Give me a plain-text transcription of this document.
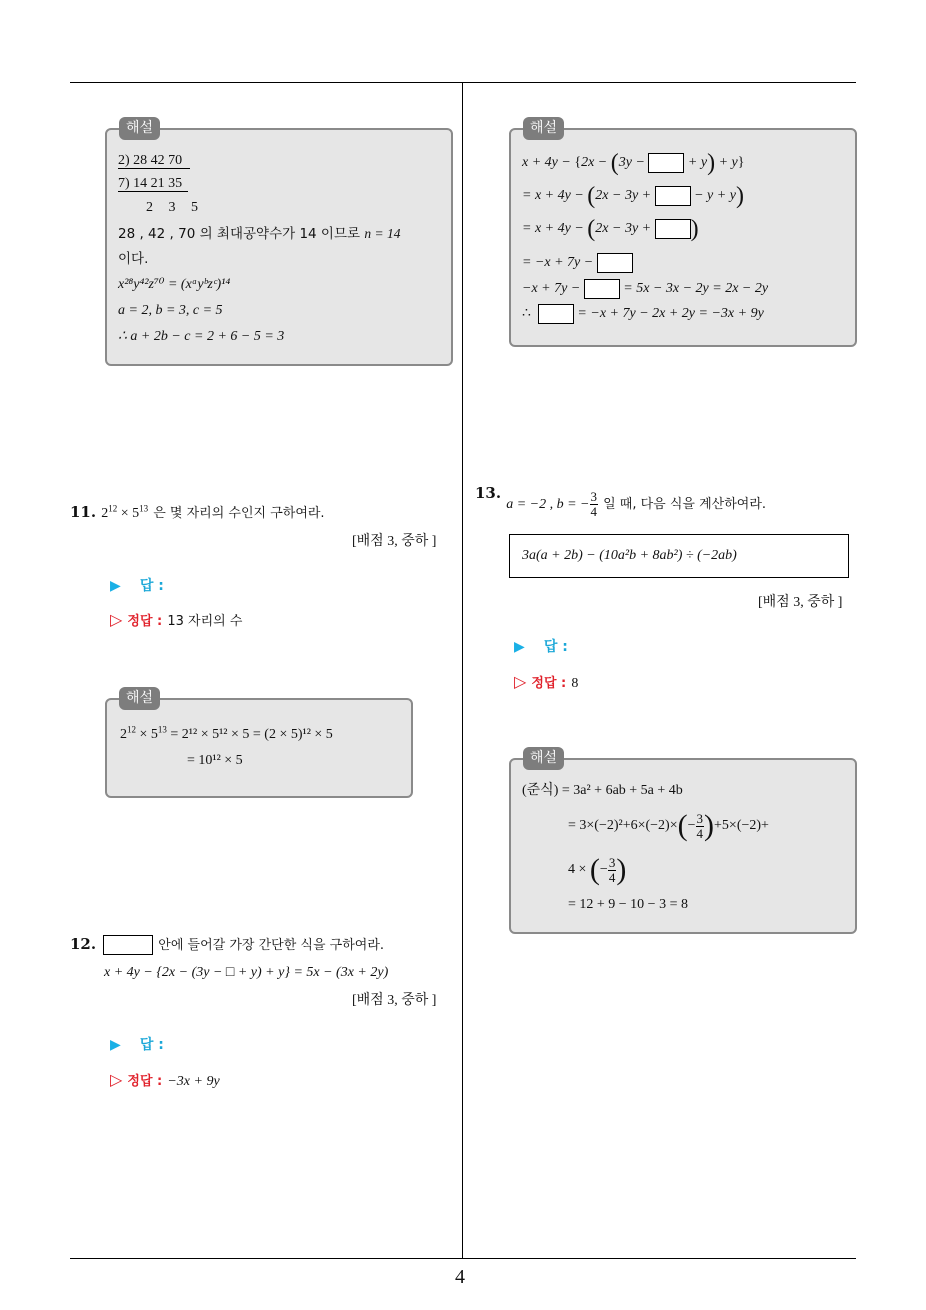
4
해설
2) 28 42 70
7) 14 21 35
2 3 5
28 , 42 , 70 의 최대공약수가 14 이므로 n = 14
이다.
x²⁸y⁴²z⁷⁰ = (xᵃyᵇzᶜ)¹⁴
a = 2, b = 3, c = 5
∴ a + 2b − c = 2 + 6 − 5 = 3
11. $2^{12} \times 5^{13}$ 은 몇 자리의 수인지 구하여라.
[배점 3, 중하 ]
▶ 답 :
▷ 정답 : 13 자리의 수
해설
$2^{12} \times 5^{13} = 2^{12} \times 5^{12} \times 5 = (2 \times 5)^{12} \times 5$
= 10¹² × 5
12.	안에 들어갈 가장 간단한 식을 구하여라.
x + 4y − {2x − (3y − □ + y) + y} = 5x − (3x + 2y)
[배점 3, 중하 ]
▶ 답 :
▷ 정답 : −3x + 9y
해설
x + 4y − {2x − (3y −	+ y) + y}
= x + 4y − (2x − 3y +	− y + y)
= x + 4y − (2x − 3y + )
= −x + 7y −
−x + 7y −	= 5x − 3x − 2y = 2x − 2y
∴	= −x + 7y − 2x + 2y = −3x + 9y
13. a = −2 , b = − $\frac{3}{4} _{일 때, 다음 식을 계산하여라.}$
3a(a + 2b) − (10a²b + 8ab²) ÷ (−2ab)
[배점 3, 중하 ]
▶ 답 :
▷ 정답 : 8
해설
(준식) = 3a² + 6ab + 5a + 4b
= $3\times(-2)^2+6\times(-2)\times(- \frac{3}{4} )+5\times(-2)+$
4 × (− $\frac{3}{4}$ )
= 12 + 9 − 10 − 3 = 8
